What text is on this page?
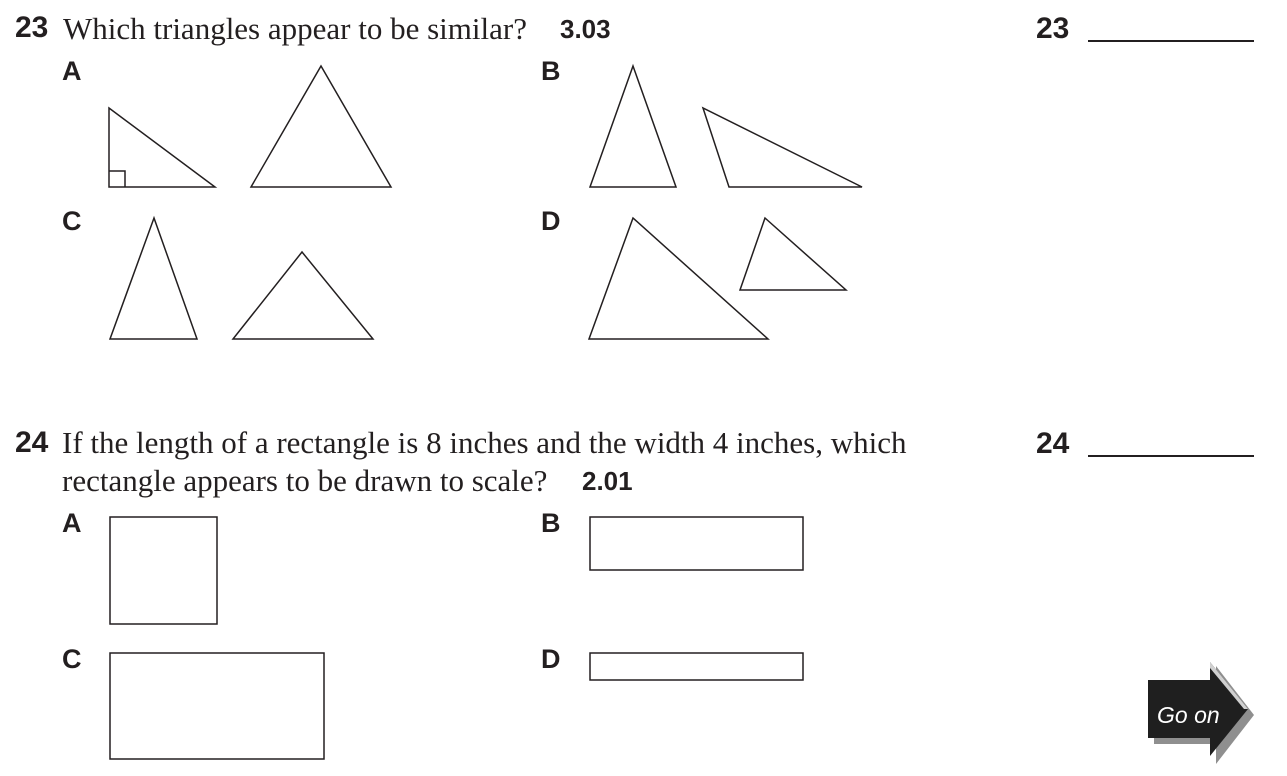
23 Which triangles appear to be similar? 3.03	23
A	B
C	D
24 If the length of a rectangle is 8 inches and the width 4 inches, which
rectangle appears to be drawn to scale? 2.01
24
A	B
C	D
Go on
